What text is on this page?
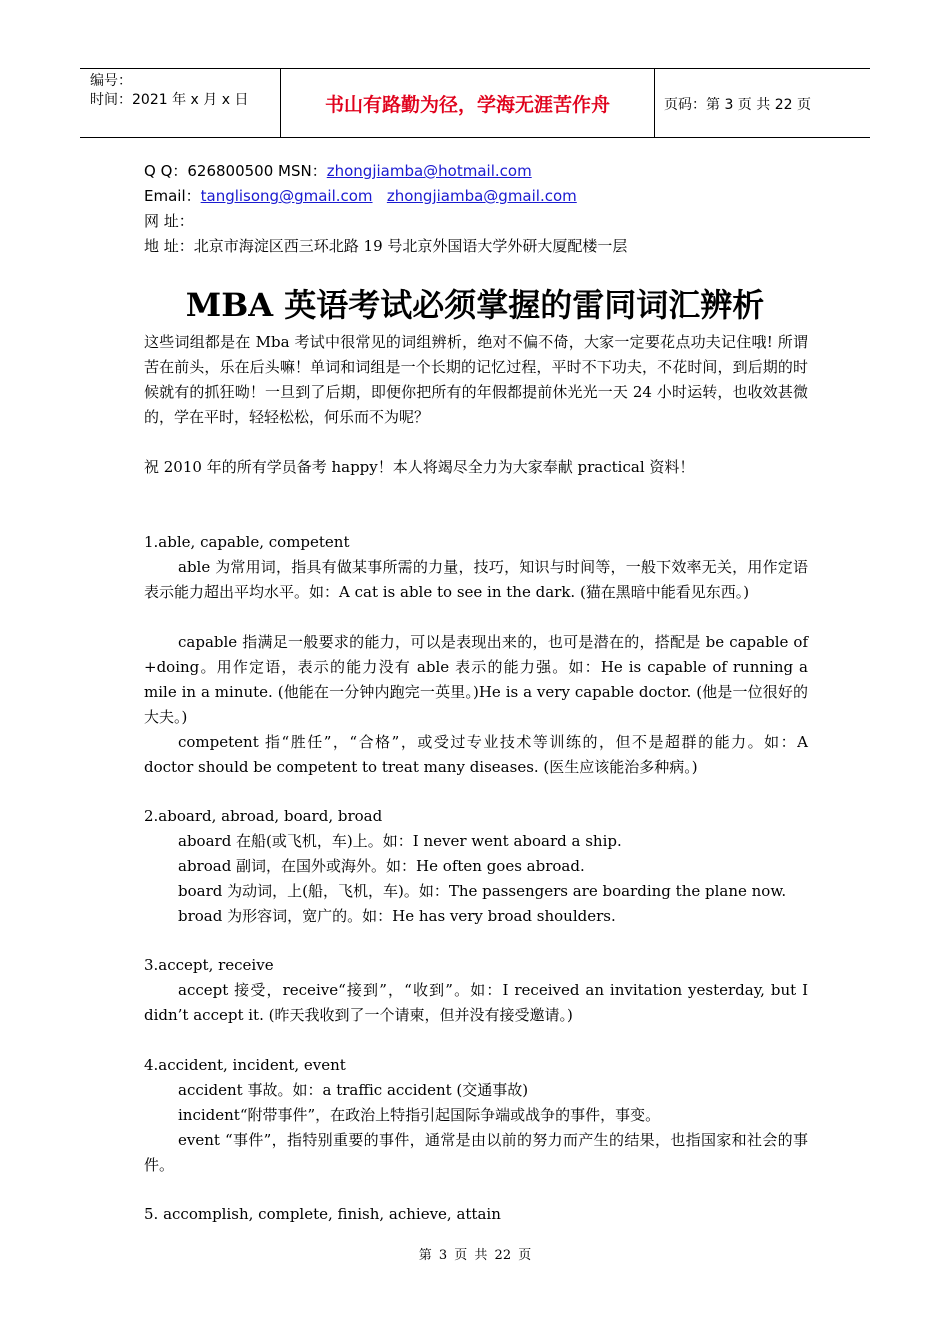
编号：
时间：2021 年 x 月 x 日	书山有路勤为径，学海无涯苦作舟	页码：第 3 页 共 22 页
Q Q：626800500 MSN：zhongjiamba@hotmail.com
Email：tanglisong@gmail.com zhongjiamba@gmail.com
网 址：
地 址：北京市海淀区西三环北路 19 号北京外国语大学外研大厦配楼一层
MBA 英语考试必须掌握的雷同词汇辨析

这些词组都是在 Mba 考试中很常见的词组辨析，绝对不偏不倚，大家一定要花点功夫记住哦! 所谓苦在前头，乐在后头嘛！单词和词组是一个长期的记忆过程，平时不下功夫，不花时间，到后期的时候就有的抓狂呦！一旦到了后期，即便你把所有的年假都提前休光光一天 24 小时运转，也收效甚微的，学在平时，轻轻松松，何乐而不为呢？

祝 2010 年的所有学员备考 happy！本人将竭尽全力为大家奉献 practical 资料！
1.able, capable, competent

able 为常用词，指具有做某事所需的力量，技巧，知识与时间等，一般下效率无关，用作定语表示能力超出平均水平。如：A cat is able to see in the dark. (猫在黑暗中能看见东西。)

capable 指满足一般要求的能力，可以是表现出来的，也可是潜在的，搭配是 be capable of +doing。用作定语，表示的能力没有 able 表示的能力强。如：He is capable of running a mile in a minute. (他能在一分钟内跑完一英里。)He is a very capable doctor. (他是一位很好的大夫。)

competent 指“胜任”，“合格”，或受过专业技术等训练的，但不是超群的能力。如：A doctor should be competent to treat many diseases. (医生应该能治多种病。)

2.aboard, abroad, board, broad
aboard 在船(或飞机，车)上。如：I never went aboard a ship.
abroad 副词，在国外或海外。如：He often goes abroad.
board 为动词，上(船，飞机，车)。如：The passengers are boarding the plane now.
broad 为形容词，宽广的。如：He has very broad shoulders.
3.accept, receive

accept 接受，receive“接到”，“收到”。如：I received an invitation yesterday, but I didn’t accept it. (昨天我收到了一个请柬，但并没有接受邀请。)

4.accident, incident, event
accident 事故。如：a traffic accident (交通事故)
incident“附带事件”，在政治上特指引起国际争端或战争的事件，事变。

event “事件”，指特别重要的事件，通常是由以前的努力而产生的结果，也指国家和社会的事件。

5. accomplish, complete, finish, achieve, attain
第 3 页 共 22 页
